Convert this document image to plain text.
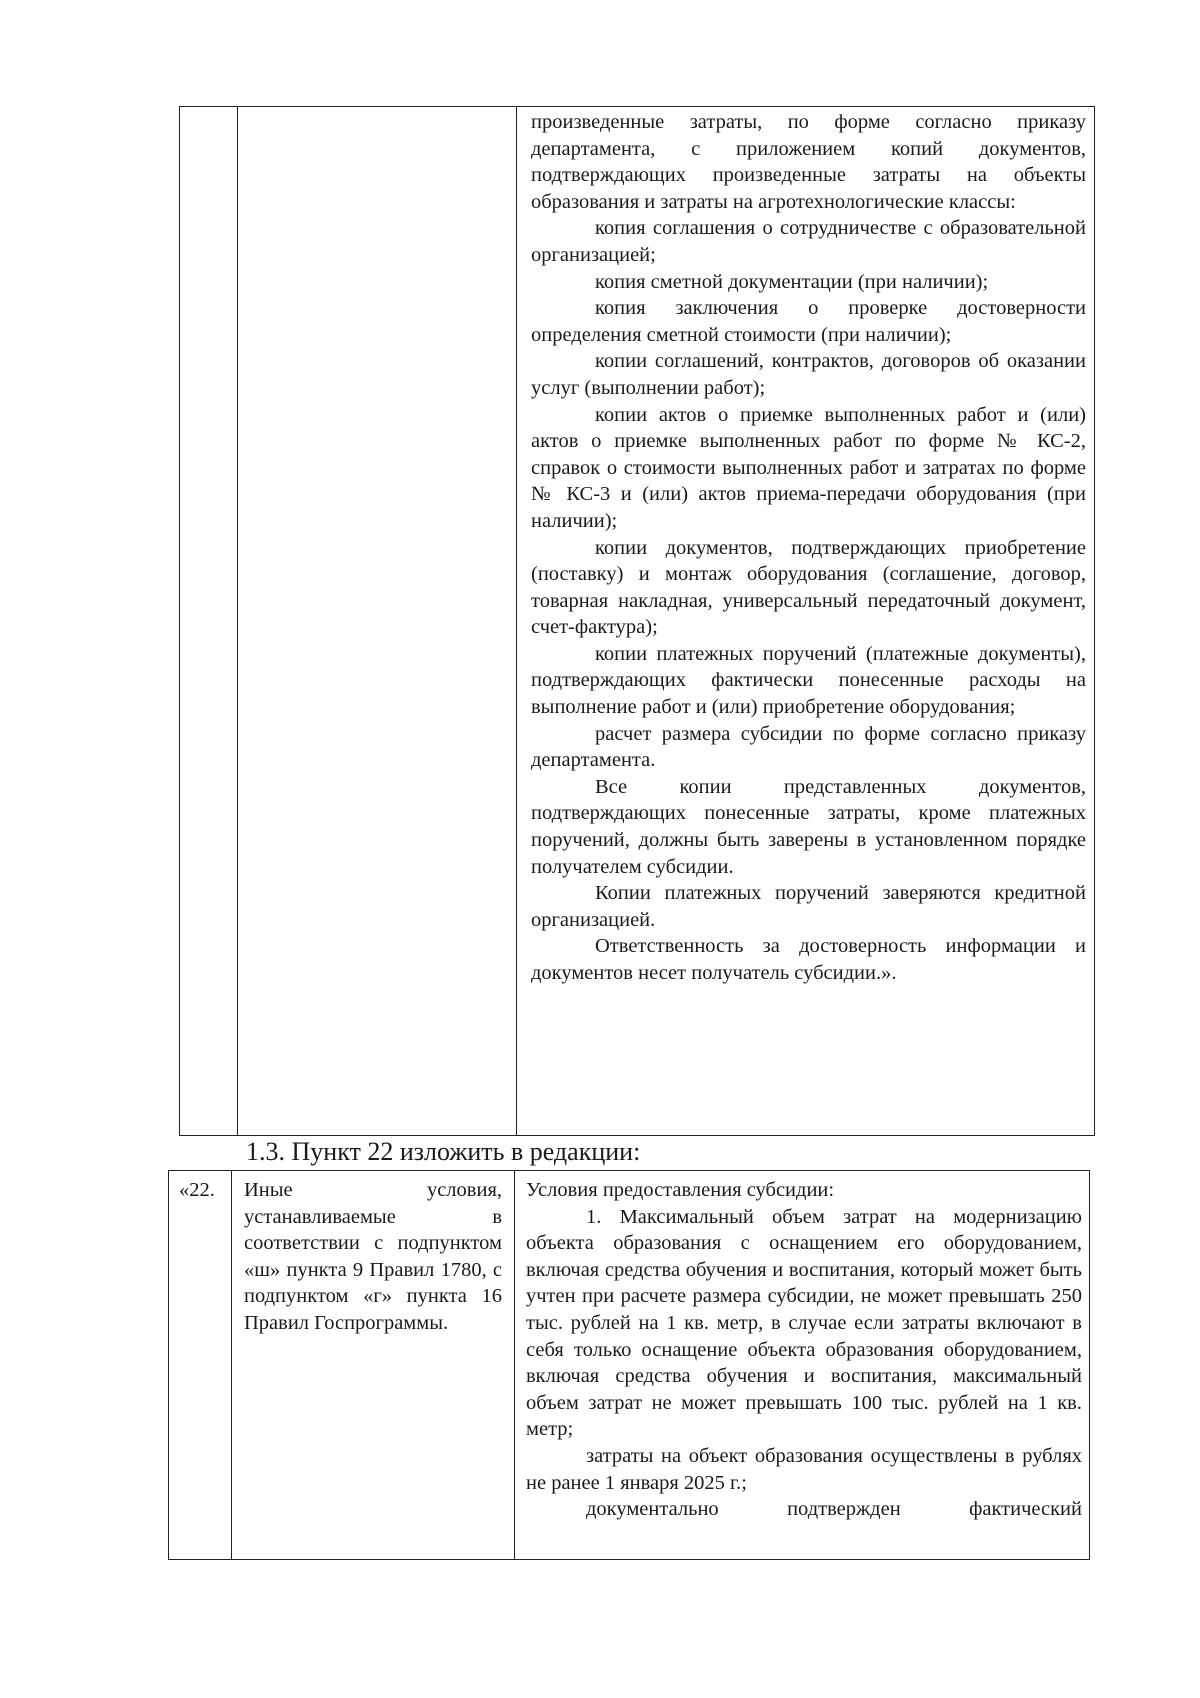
произведенные затраты, по форме согласно приказу департамента, с приложением копий документов, подтверждающих произведенные затраты на объекты образования и затраты на агротехнологические классы:

копия соглашения о сотрудничестве с образовательной организацией;

копия сметной документации (при наличии);

копия заключения о проверке достоверности определения сметной стоимости (при наличии);

копии соглашений, контрактов, договоров об оказании услуг (выполнении работ);

копии актов о приемке выполненных работ и (или) актов о приемке выполненных работ по форме № КС-2, справок о стоимости выполненных работ и затратах по форме № КС-3 и (или) актов приема-передачи оборудования (при наличии);

копии документов, подтверждающих приобретение (поставку) и монтаж оборудования (соглашение, договор, товарная накладная, универсальный передаточный документ, счет-фактура);

копии платежных поручений (платежные документы), подтверждающих фактически понесенные расходы на выполнение работ и (или) приобретение оборудования;

расчет размера субсидии по форме согласно приказу департамента.

Все копии представленных документов, подтверждающих понесенные затраты, кроме платежных поручений, должны быть заверены в установленном порядке получателем субсидии.

Копии платежных поручений заверяются кредитной организацией.

Ответственность за достоверность информации и документов несет получатель субсидии.».

1.3. Пункт 22 изложить в редакции:
«22.	Иные условия, устанавливаемые в соответствии с подпунктом «ш» пункта 9 Правил 1780, с подпунктом «г» пункта 16 Правил Госпрограммы.

Условия предоставления субсидии:

1. Максимальный объем затрат на модернизацию объекта образования с оснащением его оборудованием, включая средства обучения и воспитания, который может быть учтен при расчете размера субсидии, не может превышать 250 тыс. рублей на 1 кв. метр, в случае если затраты включают в себя только оснащение объекта образования оборудованием, включая средства обучения и воспитания, максимальный объем затрат не может превышать 100 тыс. рублей на 1 кв. метр;

затраты на объект образования осуществлены в рублях не ранее 1 января 2025 г.;

документально подтвержден фактический
